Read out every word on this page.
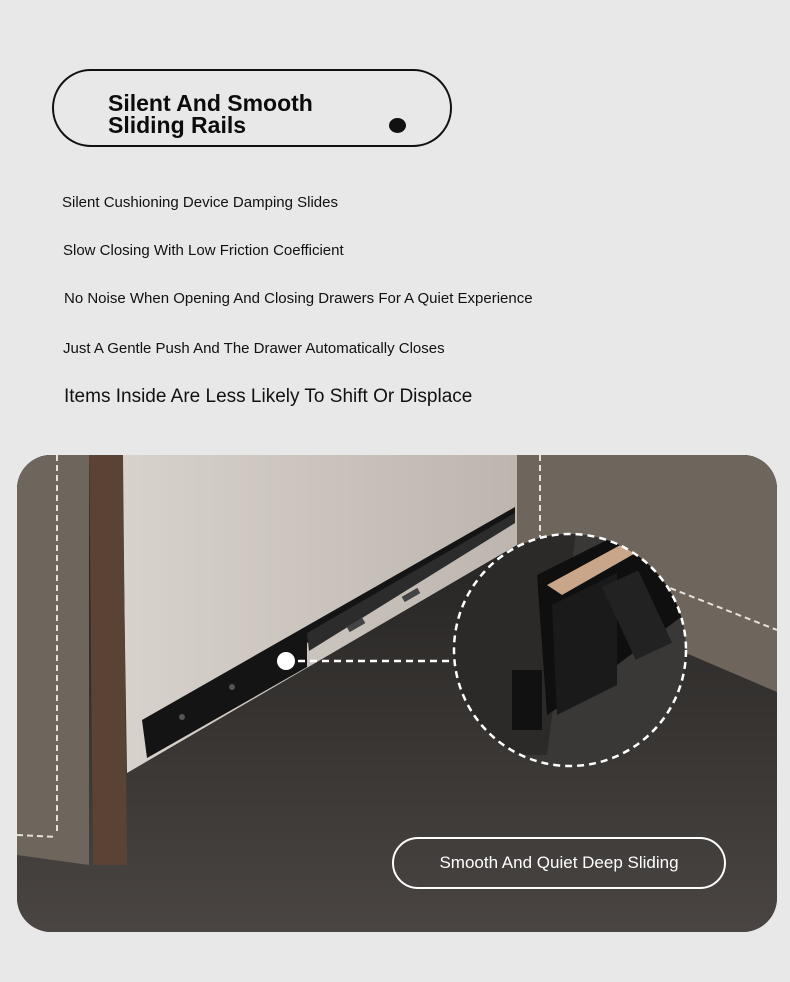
Silent And Smooth
Sliding Rails
Silent Cushioning Device Damping Slides
Slow Closing With Low Friction Coefficient
No Noise When Opening And Closing Drawers For A Quiet Experience
Just A Gentle Push And The Drawer Automatically Closes
Items Inside Are Less Likely To Shift Or Displace
Smooth And Quiet Deep Sliding
